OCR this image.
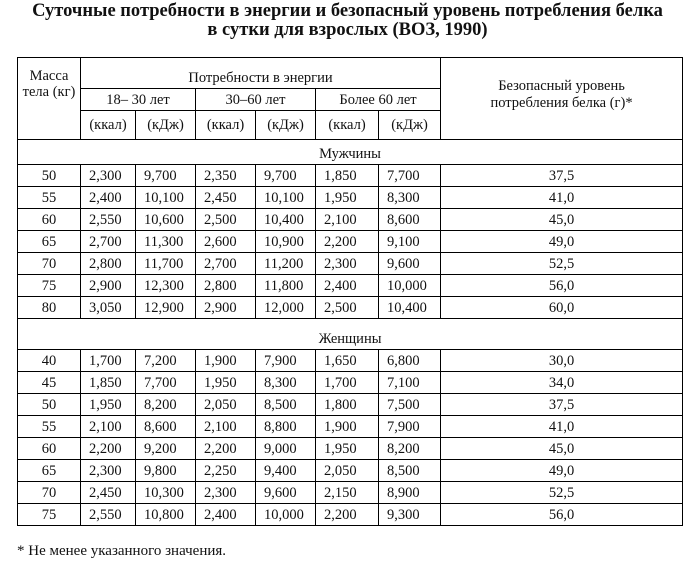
Суточные потребности в энергии и безопасный уровень потребления белка
в сутки для взрослых (ВОЗ, 1990)
Масса тела (кг)	Потребности в энергии						Безопасный уровень потребления белка (г)*
	18– 30 лет		30–60 лет		Более 60 лет		
	(ккал)	(кДж)	(ккал)	(кДж)	(ккал)	(кДж)	
Мужчины							
50	2,300	9,700	2,350	9,700	1,850	7,700	37,5
55	2,400	10,100	2,450	10,100	1,950	8,300	41,0
60	2,550	10,600	2,500	10,400	2,100	8,600	45,0
65	2,700	11,300	2,600	10,900	2,200	9,100	49,0
70	2,800	11,700	2,700	11,200	2,300	9,600	52,5
75	2,900	12,300	2,800	11,800	2,400	10,000	56,0
80	3,050	12,900	2,900	12,000	2,500	10,400	60,0
Женщины							
40	1,700	7,200	1,900	7,900	1,650	6,800	30,0
45	1,850	7,700	1,950	8,300	1,700	7,100	34,0
50	1,950	8,200	2,050	8,500	1,800	7,500	37,5
55	2,100	8,600	2,100	8,800	1,900	7,900	41,0
60	2,200	9,200	2,200	9,000	1,950	8,200	45,0
65	2,300	9,800	2,250	9,400	2,050	8,500	49,0
70	2,450	10,300	2,300	9,600	2,150	8,900	52,5
75	2,550	10,800	2,400	10,000	2,200	9,300	56,0
* Не менее указанного значения.
